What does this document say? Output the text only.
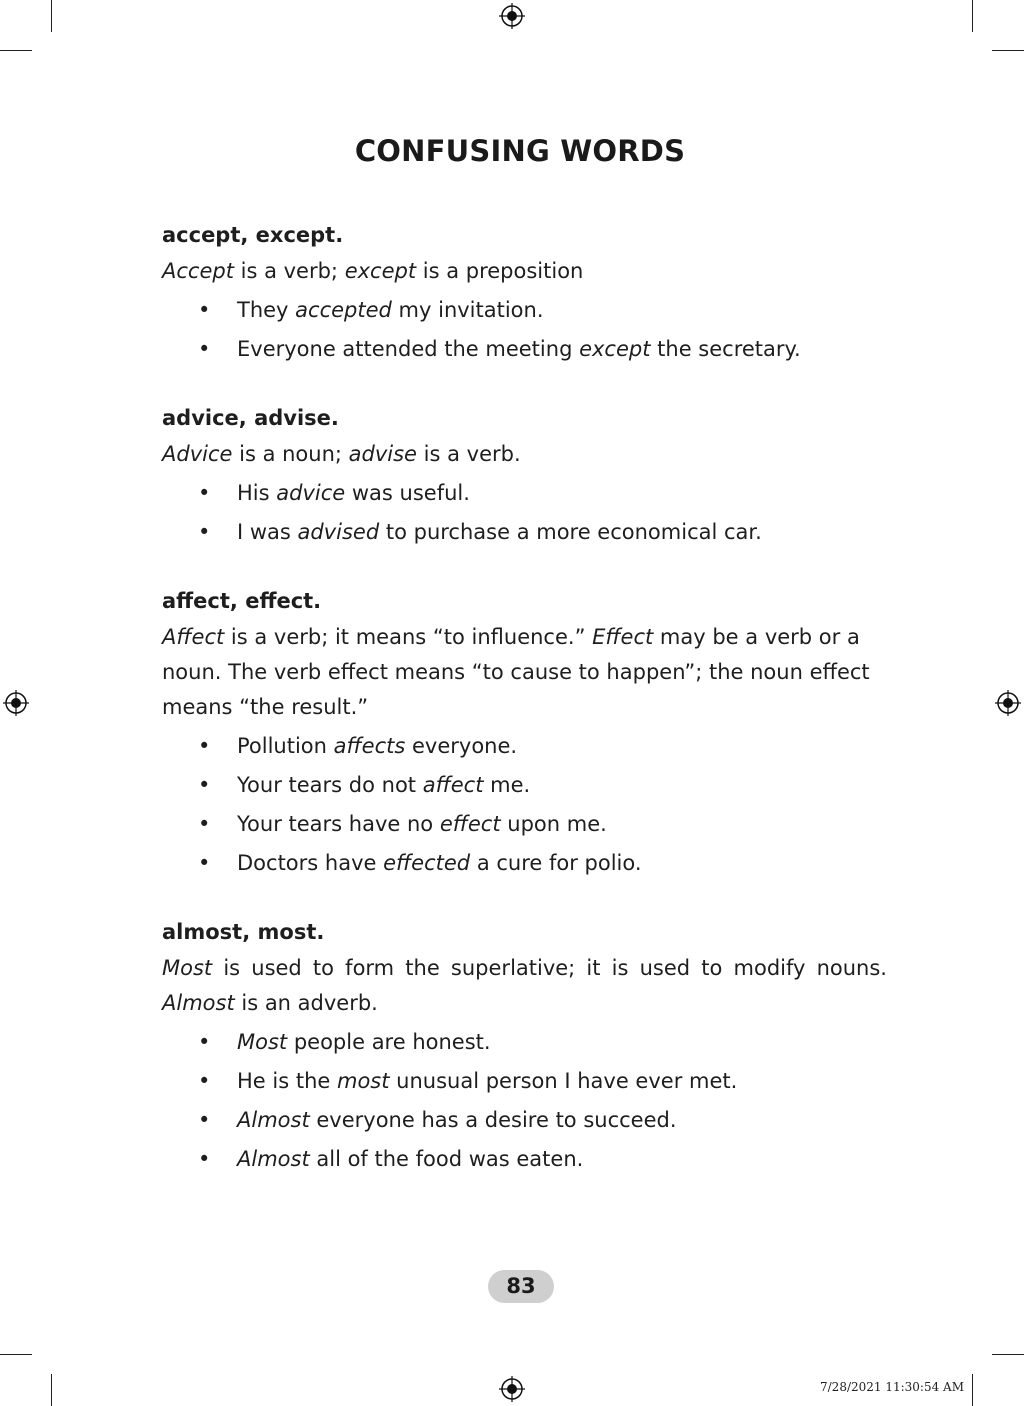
CONFUSING WORDS

accept, except.

Accept is a verb; except is a preposition

• They accepted my invitation.
• Everyone attended the meeting except the secretary.

advice, advise.

Advice is a noun; advise is a verb.

• His advice was useful.
• I was advised to purchase a more economical car.

affect, effect.

Affect is a verb; it means “to influence.” Effect may be a verb or a noun. The verb effect means “to cause to happen”; the noun effect means “the result.”

• Pollution affects everyone.
• Your tears do not affect me.
• Your tears have no effect upon me.
• Doctors have effected a cure for polio.

almost, most.

Most is used to form the superlative; it is used to modify nouns. Almost is an adverb.

• Most people are honest.
• He is the most unusual person I have ever met.
• Almost everyone has a desire to succeed.
• Almost all of the food was eaten.
83
7/28/2021 11:30:54 AM
